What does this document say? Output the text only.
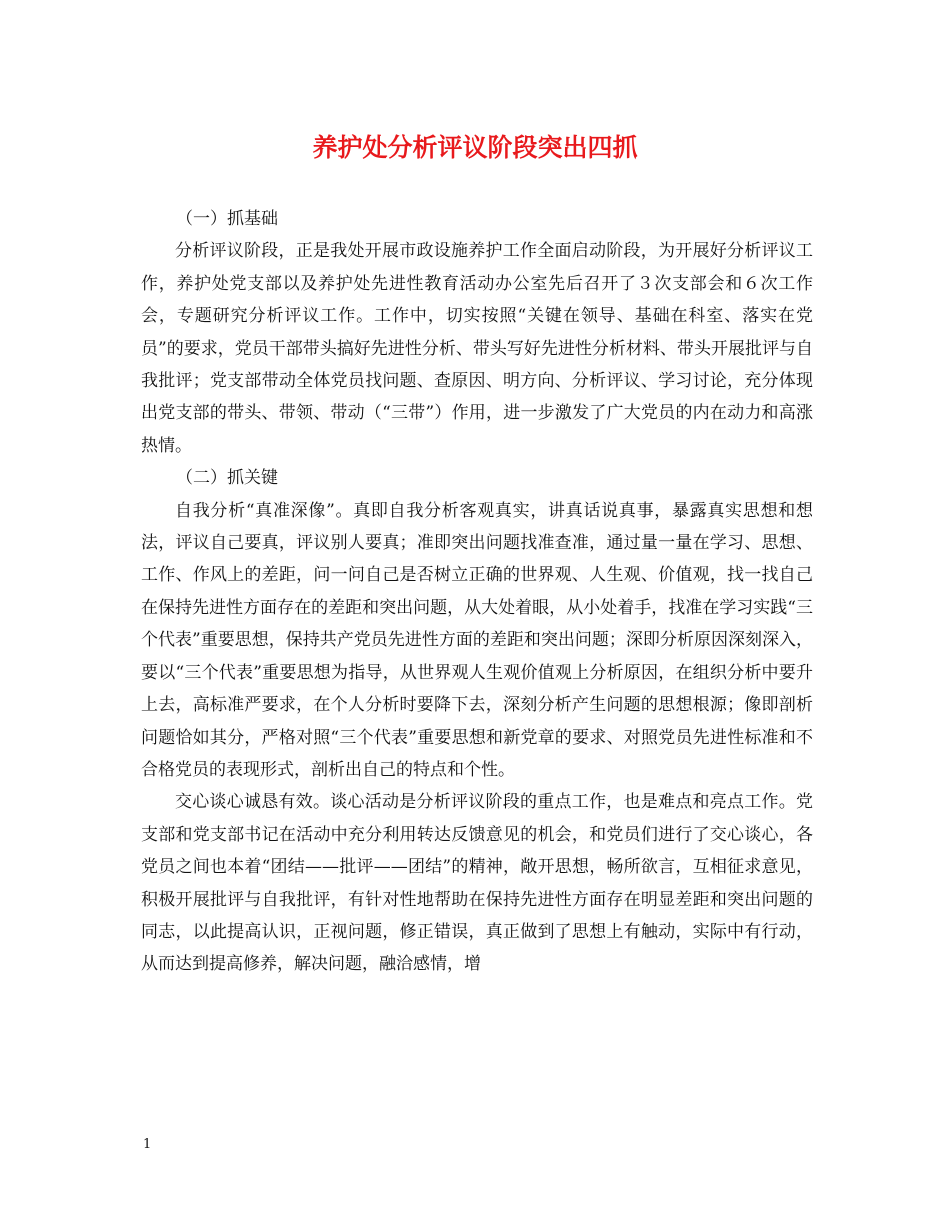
养护处分析评议阶段突出四抓
（一）抓基础

分析评议阶段，正是我处开展市政设施养护工作全面启动阶段，为开展好分析评议工作，养护处党支部以及养护处先进性教育活动办公室先后召开了３次支部会和６次工作会，专题研究分析评议工作。工作中，切实按照“关键在领导、基础在科室、落实在党员”的要求，党员干部带头搞好先进性分析、带头写好先进性分析材料、带头开展批评与自我批评；党支部带动全体党员找问题、查原因、明方向、分析评议、学习讨论，充分体现出党支部的带头、带领、带动（“三带”）作用，进一步激发了广大党员的内在动力和高涨热情。

（二）抓关键

自我分析“真准深像”。真即自我分析客观真实，讲真话说真事，暴露真实思想和想法，评议自己要真，评议别人要真；准即突出问题找准查准，通过量一量在学习、思想、工作、作风上的差距，问一问自己是否树立正确的世界观、人生观、价值观，找一找自己在保持先进性方面存在的差距和突出问题，从大处着眼，从小处着手，找准在学习实践“三个代表”重要思想，保持共产党员先进性方面的差距和突出问题；深即分析原因深刻深入，要以“三个代表”重要思想为指导，从世界观人生观价值观上分析原因，在组织分析中要升上去，高标准严要求，在个人分析时要降下去，深刻分析产生问题的思想根源；像即剖析问题恰如其分，严格对照“三个代表”重要思想和新党章的要求、对照党员先进性标准和不合格党员的表现形式，剖析出自己的特点和个性。

交心谈心诚恳有效。谈心活动是分析评议阶段的重点工作，也是难点和亮点工作。党支部和党支部书记在活动中充分利用转达反馈意见的机会，和党员们进行了交心谈心，各党员之间也本着“团结——批评——团结”的精神，敞开思想，畅所欲言，互相征求意见，积极开展批评与自我批评，有针对性地帮助在保持先进性方面存在明显差距和突出问题的同志，以此提高认识，正视问题，修正错误，真正做到了思想上有触动，实际中有行动，从而达到提高修养，解决问题，融洽感情，增

1
